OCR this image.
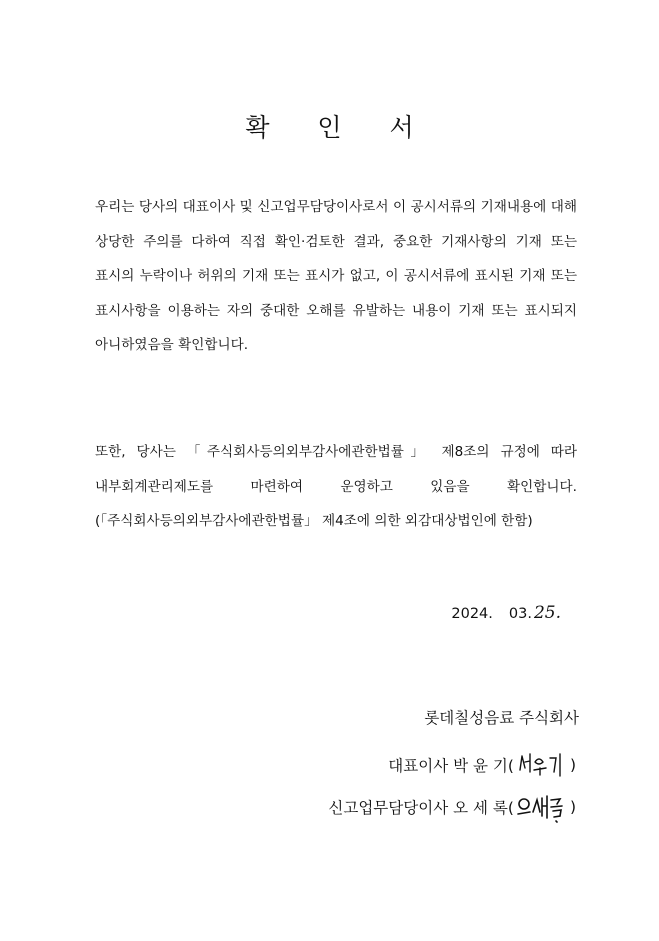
확 인 서
우리는 당사의 대표이사 및 신고업무담당이사로서 이 공시서류의 기재내용에 대해 상당한 주의를 다하여 직접 확인·검토한 결과, 중요한 기재사항의 기재 또는 표시의 누락이나 허위의 기재 또는 표시가 없고, 이 공시서류에 표시된 기재 또는 표시사항을 이용하는 자의 중대한 오해를 유발하는 내용이 기재 또는 표시되지 아니하였음을 확인합니다.
또한, 당사는 「주식회사등의외부감사에관한법률」 제8조의 규정에 따라 내부회계관리제도를 마련하여 운영하고 있음을 확인합니다. (「주식회사등의외부감사에관한법률」 제4조에 의한 외감대상법인에 한함)
2024. 03. 25.
롯데칠성음료 주식회사
대표이사 박 윤 기(	)
신고업무담당이사 오 세 록(	)
